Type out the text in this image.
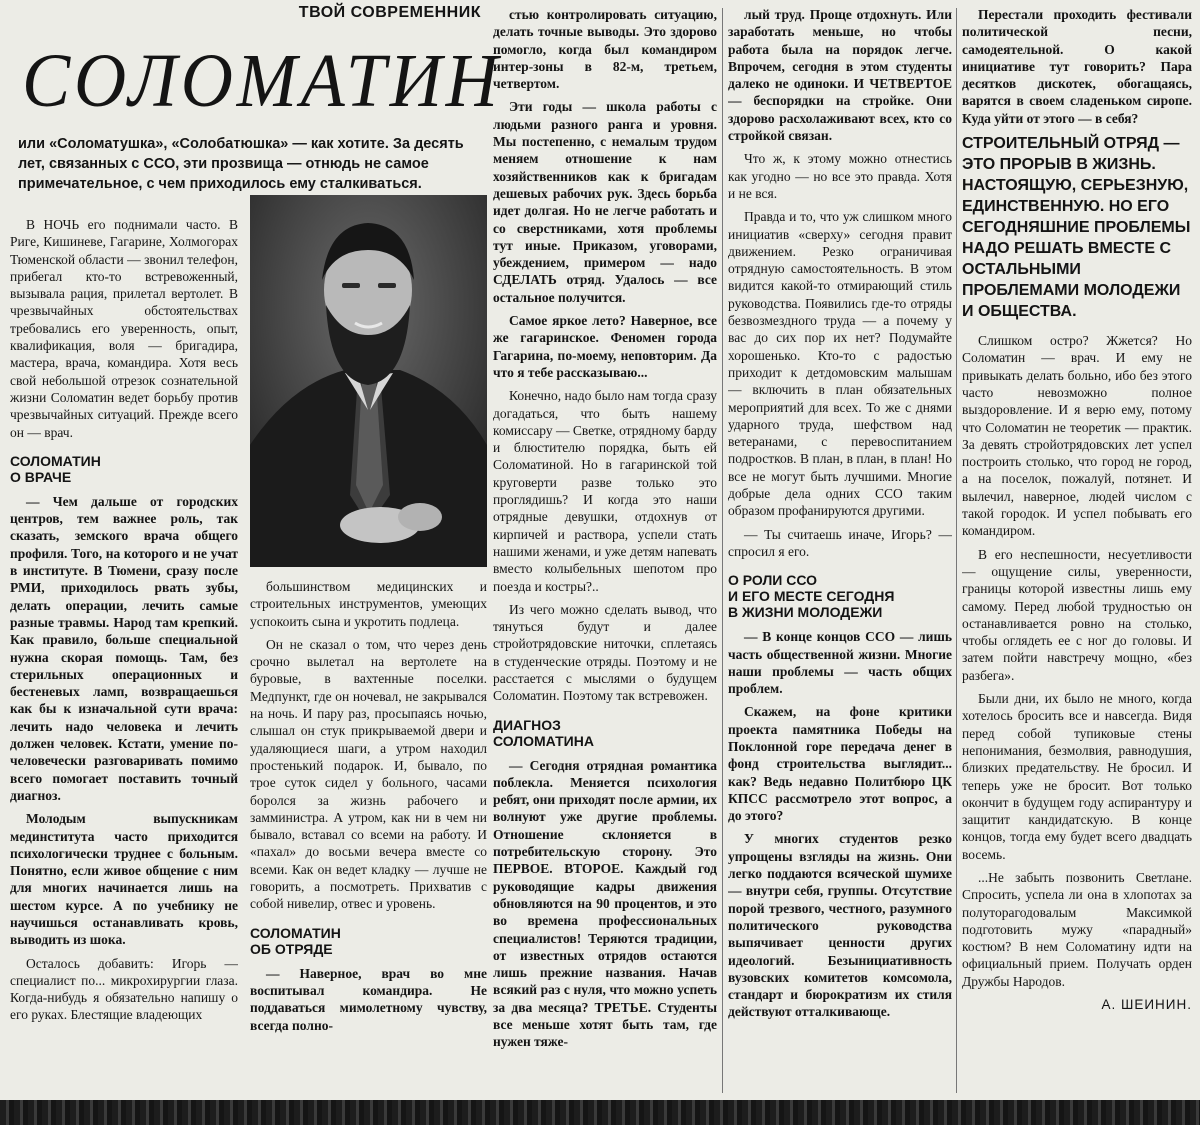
ТВОЙ СОВРЕМЕННИК
СОЛОМАТИН
или «Соломатушка», «Солобатюшка» — как хотите. За десять лет, связанных с ССО, эти прозвища — отнюдь не самое примечательное, с чем приходилось ему сталкиваться.

В НОЧЬ его поднимали часто. В Риге, Кишиневе, Гагарине, Холмогорах Тюменской области — звонил телефон, прибегал кто-то встревоженный, вызывала рация, прилетал вертолет. В чрезвычайных обстоятельствах требовались его уверенность, опыт, квалификация, воля — бригадира, мастера, врача, командира. Хотя весь свой небольшой отрезок сознательной жизни Соломатин ведет борьбу против чрезвычайных ситуаций. Прежде всего он — врач.

СОЛОМАТИН
О ВРАЧЕ

— Чем дальше от городских центров, тем важнее роль, так сказать, земского врача общего профиля. Того, на которого и не учат в институте. В Тюмени, сразу после РМИ, приходилось рвать зубы, делать операции, лечить самые разные травмы. Народ там крепкий. Как правило, больше специальной нужна скорая помощь. Там, без стерильных операционных и бестеневых ламп, возвращаешься как бы к изначальной сути врача: лечить надо человека и лечить должен человек. Кстати, умение по-человечески разговаривать помимо всего помогает поставить точный диагноз.

Молодым выпускникам мединститута часто приходится психологически труднее с больным. Понятно, если живое общение с ним для многих начинается лишь на шестом курсе. А по учебнику не научишься останавливать кровь, выводить из шока.

Осталось добавить: Игорь — специалист по... микрохирургии глаза. Когда-нибудь я обязательно напишу о его руках. Блестящие владеющих

большинством медицинских и строительных инструментов, умеющих успокоить сына и укротить подлеца.

Он не сказал о том, что через день срочно вылетал на вертолете на буровые, в вахтенные поселки. Медпункт, где он ночевал, не закрывался на ночь. И пару раз, просыпаясь ночью, слышал он стук прикрываемой двери и удаляющиеся шаги, а утром находил простенький подарок. И, бывало, по трое суток сидел у больного, часами боролся за жизнь рабочего и замминистра. А утром, как ни в чем ни бывало, вставал со всеми на работу. И «пахал» до восьми вечера вместе со всеми. Как он ведет кладку — лучше не говорить, а посмотреть. Прихватив с собой нивелир, отвес и уровень.

СОЛОМАТИН
ОБ ОТРЯДЕ

— Наверное, врач во мне воспитывал командира. Не поддаваться мимолетному чувству, всегда полно-

стью контролировать ситуацию, делать точные выводы. Это здорово помогло, когда был командиром интер-зоны в 82-м, третьем, четвертом.

Эти годы — школа работы с людьми разного ранга и уровня. Мы постепенно, с немалым трудом меняем отношение к нам хозяйственников как к бригадам дешевых рабочих рук. Здесь борьба идет долгая. Но не легче работать и со сверстниками, хотя проблемы тут иные. Приказом, уговорами, убеждением, примером — надо СДЕЛАТЬ отряд. Удалось — все остальное получится.

Самое яркое лето? Наверное, все же гагаринское. Феномен города Гагарина, по-моему, неповторим. Да что я тебе рассказываю...

Конечно, надо было нам тогда сразу догадаться, что быть нашему комиссару — Светке, отрядному барду и блюстителю порядка, быть ей Соломатиной. Но в гагаринской той круговерти разве только это проглядишь? И когда это наши отрядные девушки, отдохнув от кирпичей и раствора, успели стать нашими женами, и уже детям напевать вместо колыбельных шепотом про поезда и костры?..

Из чего можно сделать вывод, что тянуться будут и далее стройотрядовские ниточки, сплетаясь в студенческие отряды. Поэтому и не расстается с мыслями о будущем Соломатин. Поэтому так встревожен.

ДИАГНОЗ
СОЛОМАТИНА

— Сегодня отрядная романтика поблекла. Меняется психология ребят, они приходят после армии, их волнуют уже другие проблемы. Отношение склоняется в потребительскую сторону. Это ПЕРВОЕ. ВТОРОЕ. Каждый год руководящие кадры движения обновляются на 90 процентов, и это во времена профессиональных специалистов! Теряются традиции, от известных отрядов остаются лишь прежние названия. Начав всякий раз с нуля, что можно успеть за два месяца? ТРЕТЬЕ. Студенты все меньше хотят быть там, где нужен тяже-

лый труд. Проще отдохнуть. Или заработать меньше, но чтобы работа была на порядок легче. Впрочем, сегодня в этом студенты далеко не одиноки. И ЧЕТВЕРТОЕ — беспорядки на стройке. Они здорово расхолаживают всех, кто со стройкой связан.

Что ж, к этому можно отнестись как угодно — но все это правда. Хотя и не вся.

Правда и то, что уж слишком много инициатив «сверху» сегодня правит движением. Резко ограничивая отрядную самостоятельность. В этом видится какой-то отмирающий стиль руководства. Появились где-то отряды безвозмездного труда — а почему у вас до сих пор их нет? Подумайте хорошенько. Кто-то с радостью приходит к детдомовским малышам — включить в план обязательных мероприятий для всех. То же с днями ударного труда, шефством над ветеранами, с перевоспитанием подростков. В план, в план, в план! Но все не могут быть лучшими. Многие добрые дела одних ССО таким образом профанируются другими.

— Ты считаешь иначе, Игорь? — спросил я его.

О РОЛИ ССО
И ЕГО МЕСТЕ СЕГОДНЯ
В ЖИЗНИ МОЛОДЕЖИ

— В конце концов ССО — лишь часть общественной жизни. Многие наши проблемы — часть общих проблем.

Скажем, на фоне критики проекта памятника Победы на Поклонной горе передача денег в фонд строительства выглядит... как? Ведь недавно Политбюро ЦК КПСС рассмотрело этот вопрос, а до этого?

У многих студентов резко упрощены взгляды на жизнь. Они легко поддаются всяческой шумихе — внутри себя, группы. Отсутствие порой трезвого, честного, разумного политического руководства выпячивает ценности других идеологий. Безынициативность вузовских комитетов комсомола, стандарт и бюрократизм их стиля действуют отталкивающе.

Перестали проходить фестивали политической песни, самодеятельной. О какой инициативе тут говорить? Пара десятков дискотек, обогащаясь, варятся в своем сладеньком сиропе. Куда уйти от этого — в себя?

СТРОИТЕЛЬНЫЙ ОТРЯД — ЭТО ПРОРЫВ В ЖИЗНЬ. НАСТОЯЩУЮ, СЕРЬЕЗНУЮ, ЕДИНСТВЕННУЮ. НО ЕГО СЕГОДНЯШНИЕ ПРОБЛЕМЫ НАДО РЕШАТЬ ВМЕСТЕ С ОСТАЛЬНЫМИ ПРОБЛЕМАМИ МОЛОДЕЖИ И ОБЩЕСТВА.

Слишком остро? Жжется? Но Соломатин — врач. И ему не привыкать делать больно, ибо без этого часто невозможно полное выздоровление. И я верю ему, потому что Соломатин не теоретик — практик. За девять стройотрядовских лет успел построить столько, что город не город, а на поселок, пожалуй, потянет. И вылечил, наверное, людей числом с такой городок. И успел побывать его командиром.

В его неспешности, несуетливости — ощущение силы, уверенности, границы которой известны лишь ему самому. Перед любой трудностью он останавливается ровно на столько, чтобы оглядеть ее с ног до головы. И затем пойти навстречу мощно, «без разбега».

Были дни, их было не много, когда хотелось бросить все и навсегда. Видя перед собой тупиковые стены непонимания, безмолвия, равнодушия, близких предательству. Не бросил. И теперь уже не бросит. Вот только окончит в будущем году аспирантуру и защитит кандидатскую. В конце концов, тогда ему будет всего двадцать восемь.

...Не забыть позвонить Светлане. Спросить, успела ли она в хлопотах за полуторагодовалым Максимкой подготовить мужу «парадный» костюм? В нем Соломатину идти на официальный прием. Получать орден Дружбы Народов.

А. ШЕИНИН.
